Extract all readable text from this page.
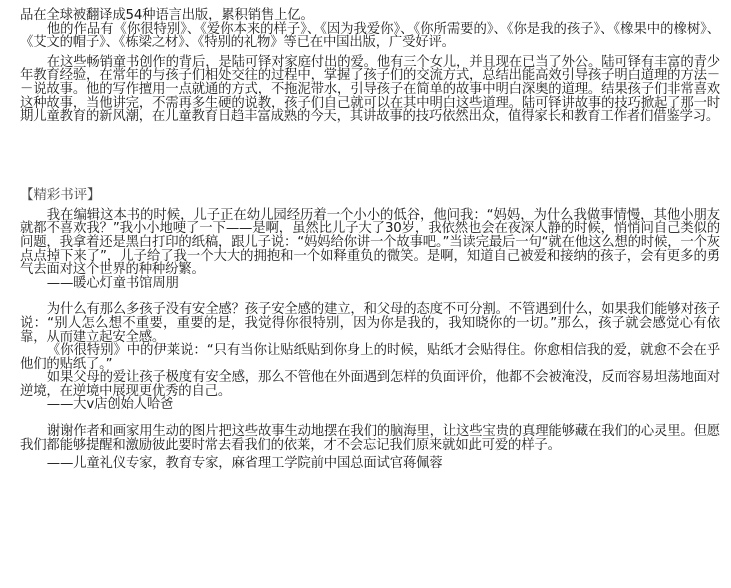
品在全球被翻译成54种语言出版，累积销售上亿。

他的作品有《你很特别》、《爱你本来的样子》、《因为我爱你》、《你所需要的》、《你是我的孩子》、《橡果中的橡树》、《艾文的帽子》、《栋梁之材》、《特别的礼物》等已在中国出版，广受好评。

在这些畅销童书创作的背后，是陆可铎对家庭付出的爱。他有三个女儿，并且现在已当了外公。陆可铎有丰富的青少年教育经验，在常年的与孩子们相处交往的过程中，掌握了孩子们的交流方式，总结出能高效引导孩子明白道理的方法－－说故事。他的写作擅用一点就通的方式，不拖泥带水，引导孩子在简单的故事中明白深奥的道理。结果孩子们非常喜欢这种故事，当他讲完，不需再多生硬的说教，孩子们自己就可以在其中明白这些道理。陆可铎讲故事的技巧掀起了那一时期儿童教育的新风潮，在儿童教育日趋丰富成熟的今天，其讲故事的技巧依然出众，值得家长和教育工作者们借鉴学习。

【精彩书评】

我在编辑这本书的时候，儿子正在幼儿园经历着一个小小的低谷，他问我：“妈妈，为什么我做事情慢，其他小朋友就都不喜欢我？”我小小地哽了一下——是啊，虽然比儿子大了30岁，我依然也会在夜深人静的时候，悄悄问自己类似的问题，我拿着还是黑白打印的纸稿，跟儿子说：“妈妈给你讲一个故事吧。”当读完最后一句“就在他这么想的时候，一个灰点点掉下来了”，儿子给了我一个大大的拥抱和一个如释重负的微笑。是啊，知道自己被爱和接纳的孩子，会有更多的勇气去面对这个世界的种种纷繁。

——暖心灯童书馆周朋

为什么有那么多孩子没有安全感？孩子安全感的建立，和父母的态度不可分割。不管遇到什么，如果我们能够对孩子说：“别人怎么想不重要，重要的是，我觉得你很特别，因为你是我的，我知晓你的一切。”那么，孩子就会感觉心有依靠，从而建立起安全感。

《你很特别》中的伊莱说：“只有当你让贴纸贴到你身上的时候，贴纸才会贴得住。你愈相信我的爱，就愈不会在乎他们的贴纸了。”

如果父母的爱让孩子极度有安全感，那么不管他在外面遇到怎样的负面评价，他都不会被淹没，反而容易坦荡地面对逆境，在逆境中展现更优秀的自己。

——大v店创始人哈爸

谢谢作者和画家用生动的图片把这些故事生动地摆在我们的脑海里，让这些宝贵的真理能够藏在我们的心灵里。但愿我们都能够提醒和激励彼此要时常去看我们的依莱，才不会忘记我们原来就如此可爱的样子。

——儿童礼仪专家，教育专家，麻省理工学院前中国总面试官蒋佩蓉
